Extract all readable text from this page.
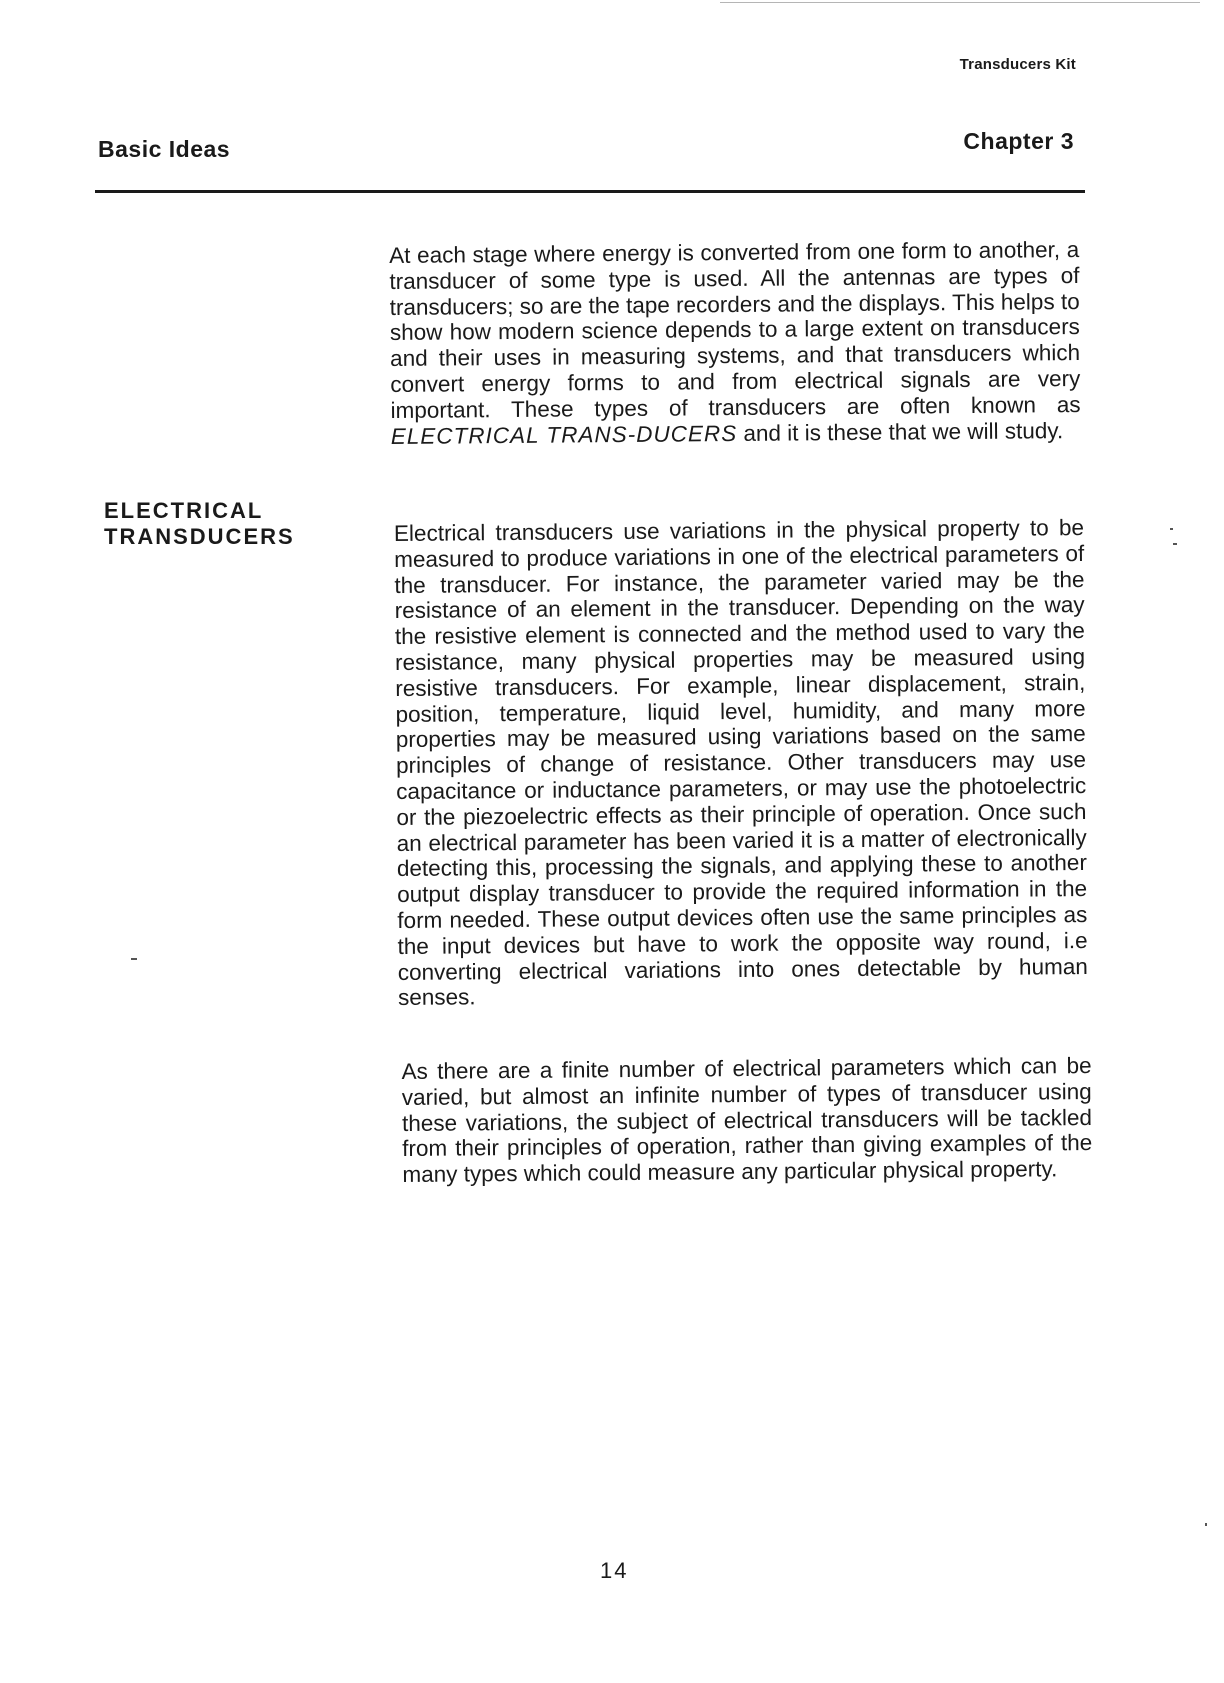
Transducers Kit
Basic Ideas	Chapter 3
ELECTRICAL
TRANSDUCERS

At each stage where energy is converted from one form to another, a transducer of some type is used. All the antennas are types of transducers; so are the tape recorders and the displays. This helps to show how modern science depends to a large extent on transducers and their uses in measuring systems, and that transducers which convert energy forms to and from electrical signals are very important. These types of transducers are often known as ELECTRICAL TRANS-DUCERS and it is these that we will study.

Electrical transducers use variations in the physical property to be measured to produce variations in one of the electrical parameters of the transducer. For instance, the parameter varied may be the resistance of an element in the transducer. Depending on the way the resistive element is connected and the method used to vary the resistance, many physical properties may be measured using resistive transducers. For example, linear displacement, strain, position, temperature, liquid level, humidity, and many more properties may be measured using variations based on the same principles of change of resistance. Other transducers may use capacitance or inductance parameters, or may use the photoelectric or the piezoelectric effects as their principle of operation. Once such an electrical parameter has been varied it is a matter of electronically detecting this, processing the signals, and applying these to another output display transducer to provide the required information in the form needed. These output devices often use the same principles as the input devices but have to work the opposite way round, i.e converting electrical variations into ones detectable by human senses.

As there are a finite number of electrical parameters which can be varied, but almost an infinite number of types of transducer using these variations, the subject of electrical transducers will be tackled from their principles of operation, rather than giving examples of the many types which could measure any particular physical property.

14
